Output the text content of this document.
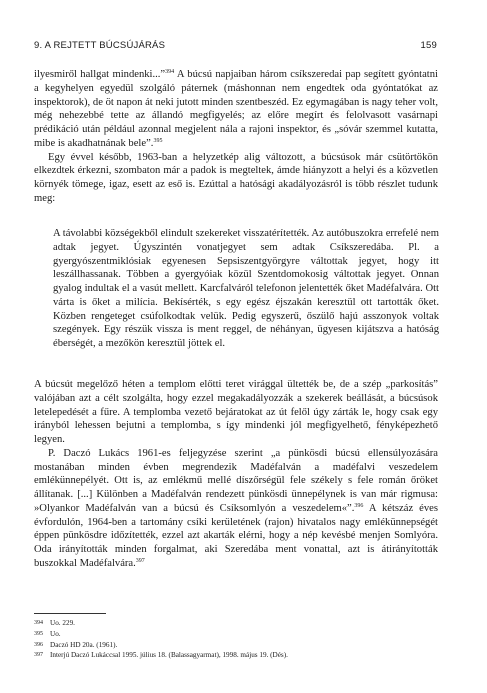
9. A REJTETT BÚCSÚJÁRÁS	159

ilyesmiről hallgat mindenki...”$^{394}$ A búcsú napjaiban három csíkszeredai pap segített gyóntatni a kegyhelyen egyedül szolgáló páternek (máshonnan nem engedtek oda gyóntatókat az inspektorok), de öt napon át neki jutott minden szentbeszéd. Ez egymagában is nagy teher volt, még nehezebbé tette az állandó megfigyelés; az előre megírt és felolvasott vasárnapi prédikáció után például azonnal megjelent nála a rajoni inspektor, és „sóvár szemmel kutatta, mibe is akadhatnának bele”.$^{395}$

Egy évvel később, 1963-ban a helyzetkép alig változott, a búcsúsok már csütörtökön elkezdtek érkezni, szombaton már a padok is megteltek, ámde hiányzott a helyi és a közvetlen környék tömege, igaz, esett az eső is. Ezúttal a hatósági akadályozásról is több részlet tudunk meg:

A távolabbi községekből elindult szekereket visszatérítették. Az autóbuszokra errefelé nem adtak jegyet. Úgyszintén vonatjegyet sem adtak Csíkszeredába. Pl. a gyergyószentmiklósiak egyenesen Sepsiszentgyörgyre váltottak jegyet, hogy itt leszállhassanak. Többen a gyergyóiak közül Szentdomokosig váltottak jegyet. Onnan gyalog indultak el a vasút mellett. Karcfalváról telefonon jelentették őket Madéfalvára. Ott várta is őket a milícia. Bekísérték, s egy egész éjszakán keresztül ott tartották őket. Közben rengeteget csúfolkodtak velük. Pedig egyszerű, őszülő hajú asszonyok voltak szegények. Egy részük vissza is ment reggel, de néhányan, ügyesen kijátszva a hatóság éberségét, a mezőkön keresztül jöttek el.

A búcsút megelőző héten a templom előtti teret virággal ültették be, de a szép „parkosítás” valójában azt a célt szolgálta, hogy ezzel megakadályozzák a szekerek beállását, a búcsúsok letelepedését a fűre. A templomba vezető bejáratokat az út felől úgy zárták le, hogy csak egy irányból lehessen bejutni a templomba, s így mindenki jól megfigyelhető, fényképezhető legyen.

P. Daczó Lukács 1961-es feljegyzése szerint „a pünkösdi búcsú ellensúlyozására mostanában minden évben megrendezik Madéfalván a madéfalvi veszedelem emlékünnepélyét. Ott is, az emlékmű mellé díszőrségül fele székely s fele román őröket állítanak. [...] Különben a Madéfalván rendezett pünkösdi ünnepélynek is van már rigmusa: »Olyankor Madéfalván van a búcsú és Csíksomlyón a veszedelem«”.$^{396}$ A kétszáz éves évfordulón, 1964-ben a tartomány csíki kerületének (rajon) hivatalos nagy emlékünnepségét éppen pünkösdre időzítették, ezzel azt akarták elérni, hogy a nép kevésbé menjen Somlyóra. Oda irányították minden forgalmat, aki Szeredába ment vonattal, azt is átirányították buszokkal Madéfalvára.$^{397}$

394 Uo. 229.
395 Uo.
396 Daczó HD 20a. (1961).
397 Interjú Daczó Lukáccsal 1995. július 18. (Balassagyarmat), 1998. május 19. (Dés).
